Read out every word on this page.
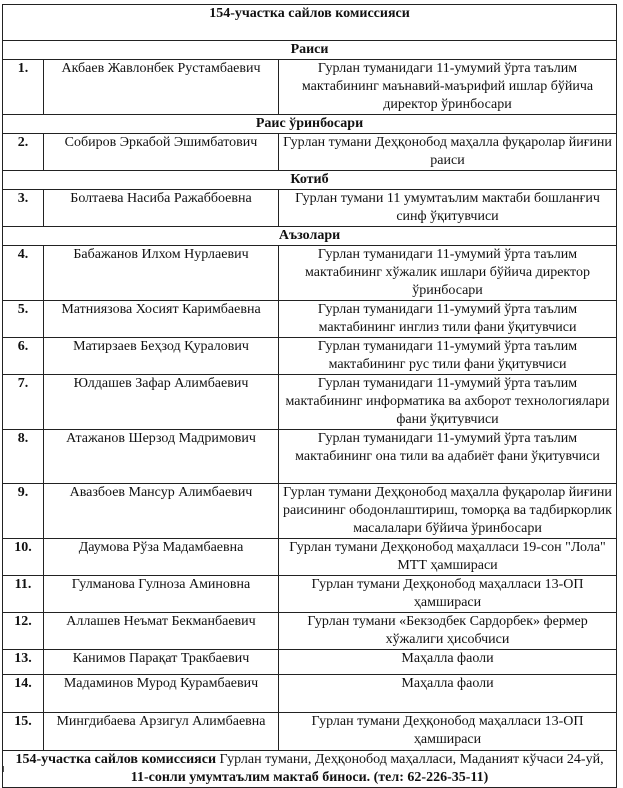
154-участка сайлов комиссияси		
Раиси		
1.	Акбаев Жавлонбек Рустамбаевич	Гурлан туманидаги 11-умумий ўрта таълим мактабининг маънавий-маърифий ишлар бўйича директор ўринбосари
Раис ўринбосари		
2.	Собиров Эркабой Эшимбатович	Гурлан тумани Деҳқонобод маҳалла фуқаролар йиғини раиси
Котиб		
3.	Болтаева Насиба Ражаббоевна	Гурлан тумани 11 умумтаълим мактаби бошланғич синф ўқитувчиси
Аъзолари		
4.	Бабажанов Илхом Нурлаевич	Гурлан туманидаги 11-умумий ўрта таълим мактабининг хўжалик ишлари бўйича директор ўринбосари
5.	Матниязова Хосият Каримбаевна	Гурлан туманидаги 11-умумий ўрта таълим мактабининг инглиз тили фани ўқитувчиси
6.	Матирзаев Беҳзод Қуралович	Гурлан туманидаги 11-умумий ўрта таълим мактабининг рус тили фани ўқитувчиси
7.	Юлдашев Зафар Алимбаевич	Гурлан туманидаги 11-умумий ўрта таълим мактабининг информатика ва ахборот технологиялари фани ўқитувчиси
8.	Атажанов Шерзод Мадримович	Гурлан туманидаги 11-умумий ўрта таълим мактабининг она тили ва адабиёт фани ўқитувчиси
9.	Авазбоев Мансур Алимбаевич	Гурлан тумани Деҳқонобод маҳалла фуқаролар йиғини раисининг ободонлаштириш, томорқа ва тадбиркорлик масалалари бўйича ўринбосари
10.	Даумова Рўза Мадамбаевна	Гурлан тумани Деҳқонобод маҳалласи 19-сон "Лола" МТТ ҳамшираси
11.	Гулманова Гулноза Аминовна	Гурлан тумани Деҳқонобод маҳалласи 13-ОП ҳамшираси
12.	Аллашев Неъмат Бекманбаевич	Гурлан тумани «Бекзодбек Сардорбек» фермер хўжалиги ҳисобчиси
13.	Канимов Парақат Тракбаевич	Маҳалла фаоли
14.	Мадаминов Мурод Курамбаевич	Маҳалла фаоли
15.	Мингдибаева Арзигул Алимбаевна	Гурлан тумани Деҳқонобод маҳалласи 13-ОП ҳамшираси
154-участка сайлов комиссияси Гурлан тумани, Деҳқонобод маҳалласи, Маданият кўчаси 24-уй,  11-сонли умумтаълим мактаб биноси. (тел: 62-226-35-11)		
